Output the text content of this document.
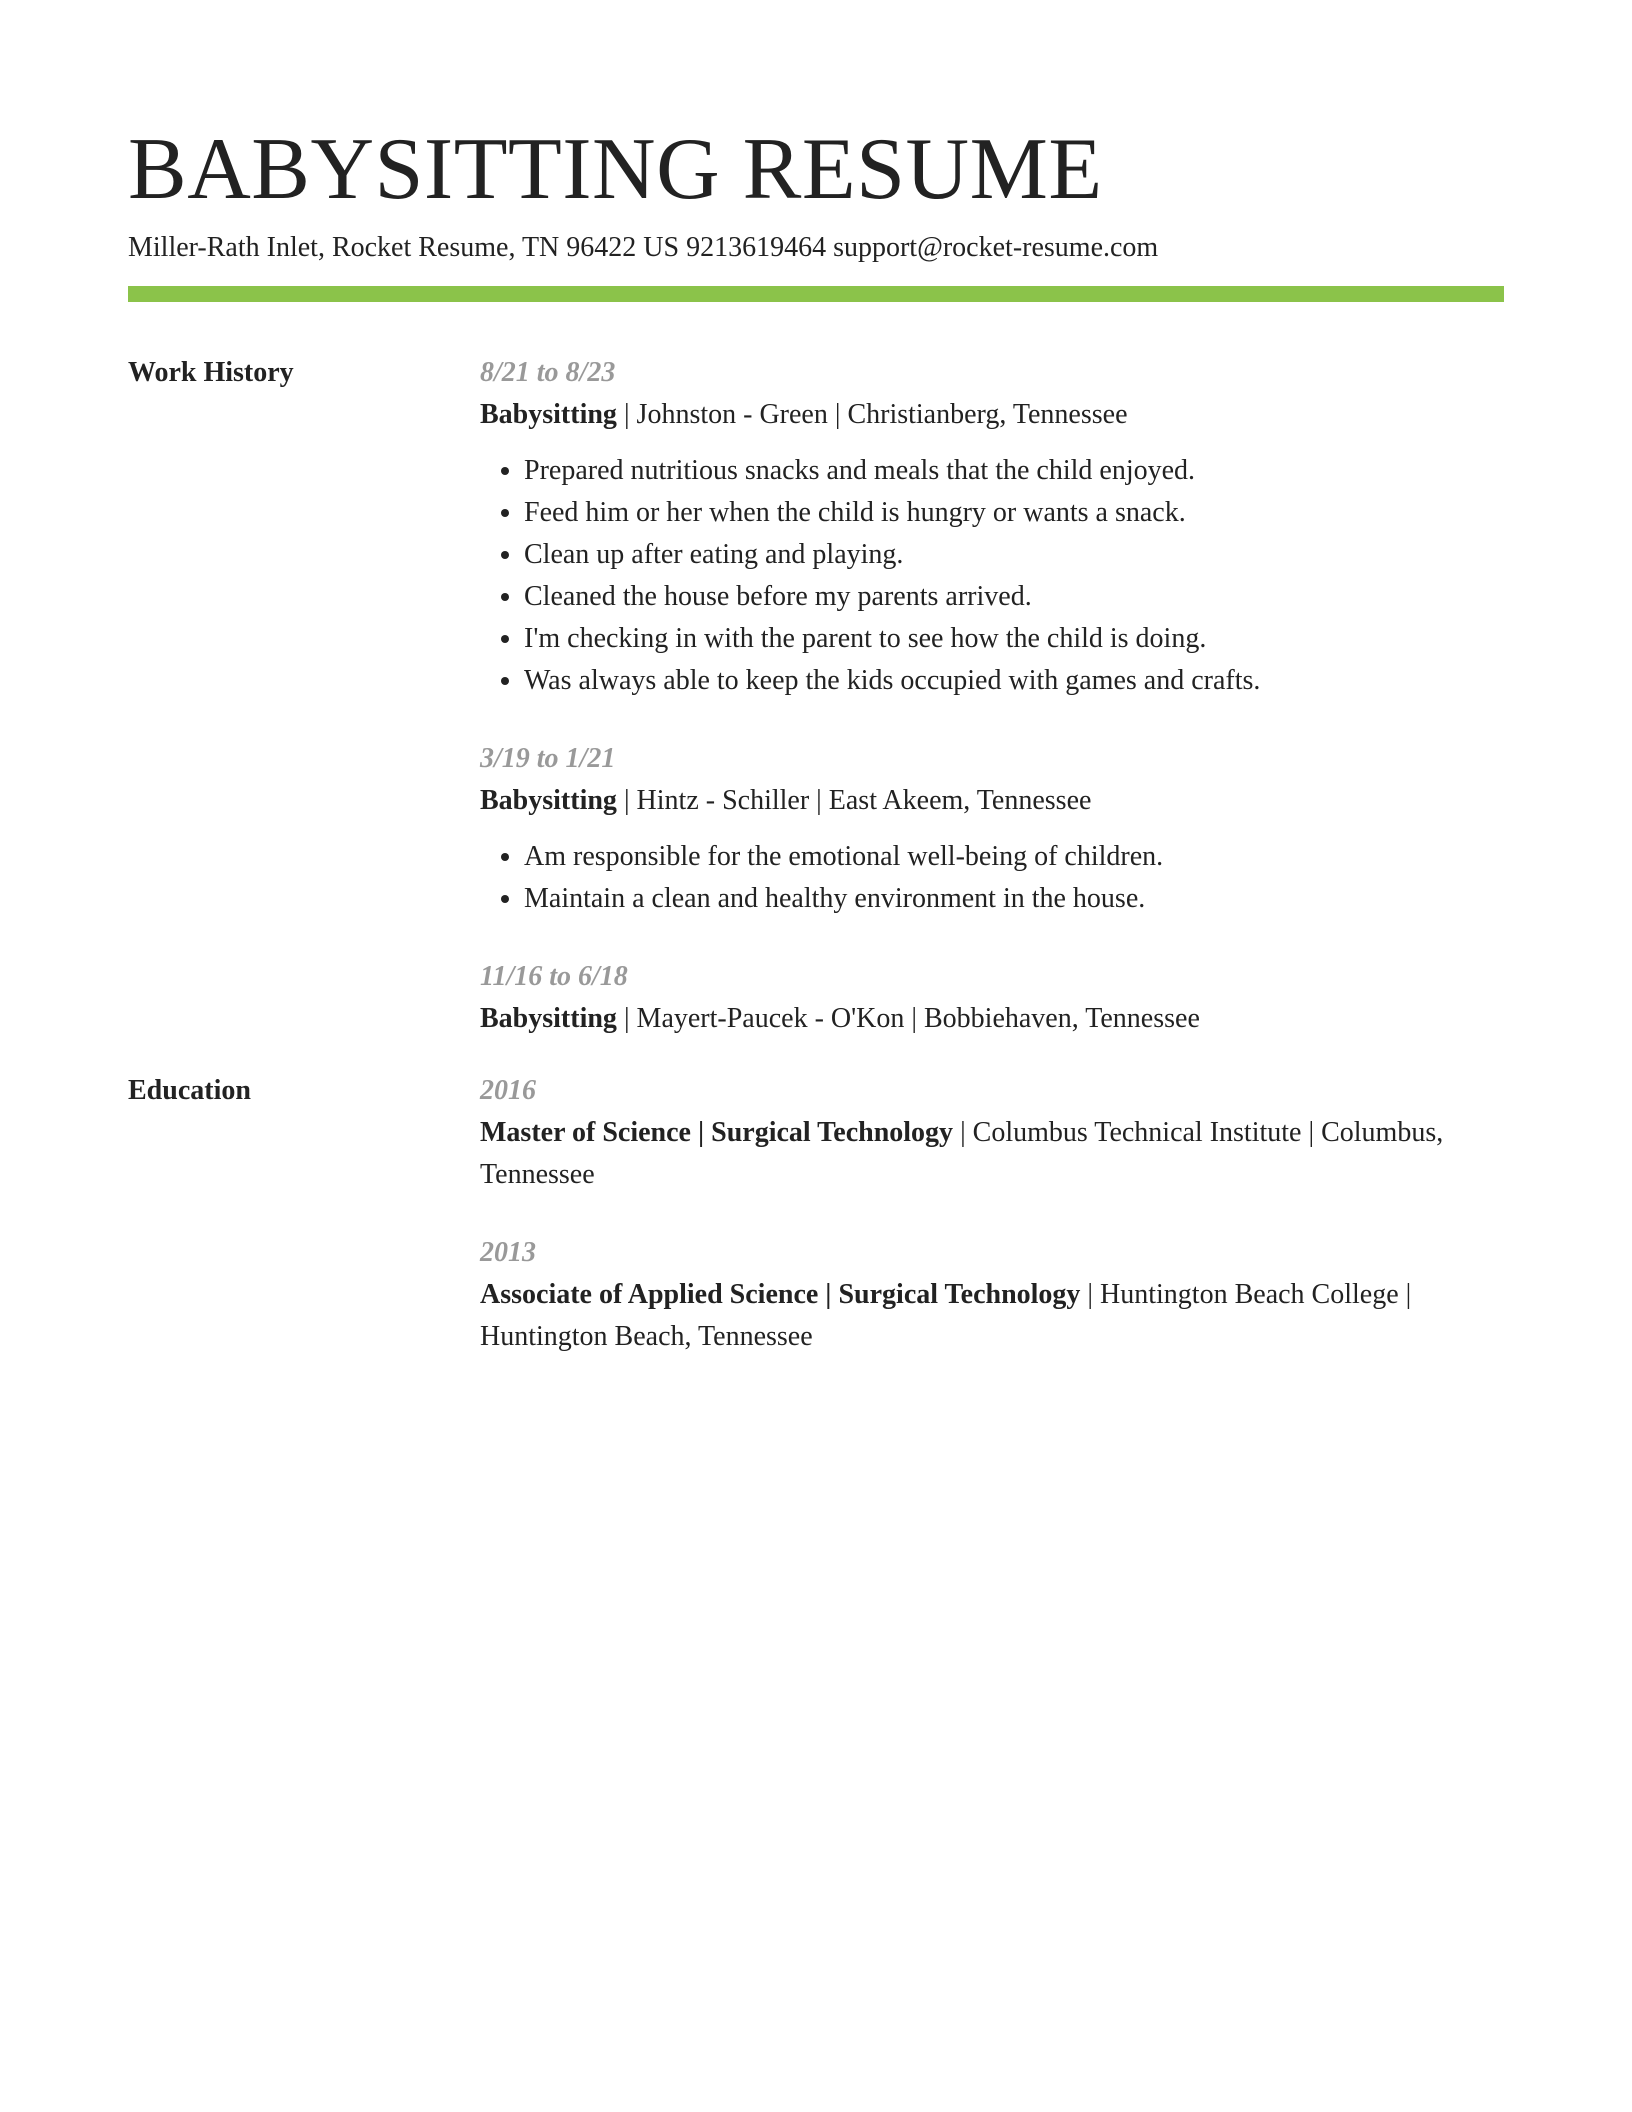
BABYSITTING RESUME
Miller-Rath Inlet, Rocket Resume, TN 96422 US 9213619464 support@rocket-resume.com
Work History	8/21 to 8/23
Babysitting | Johnston - Green | Christianberg, Tennessee
• Prepared nutritious snacks and meals that the child enjoyed.
• Feed him or her when the child is hungry or wants a snack.
• Clean up after eating and playing.
• Cleaned the house before my parents arrived.
• I'm checking in with the parent to see how the child is doing.
• Was always able to keep the kids occupied with games and crafts.
3/19 to 1/21
Babysitting | Hintz - Schiller | East Akeem, Tennessee
• Am responsible for the emotional well-being of children.
• Maintain a clean and healthy environment in the house.
11/16 to 6/18
Babysitting | Mayert-Paucek - O'Kon | Bobbiehaven, Tennessee
Education	2016
Master of Science | Surgical Technology | Columbus Technical Institute | Columbus, Tennessee
2013
Associate of Applied Science | Surgical Technology | Huntington Beach College | Huntington Beach, Tennessee
